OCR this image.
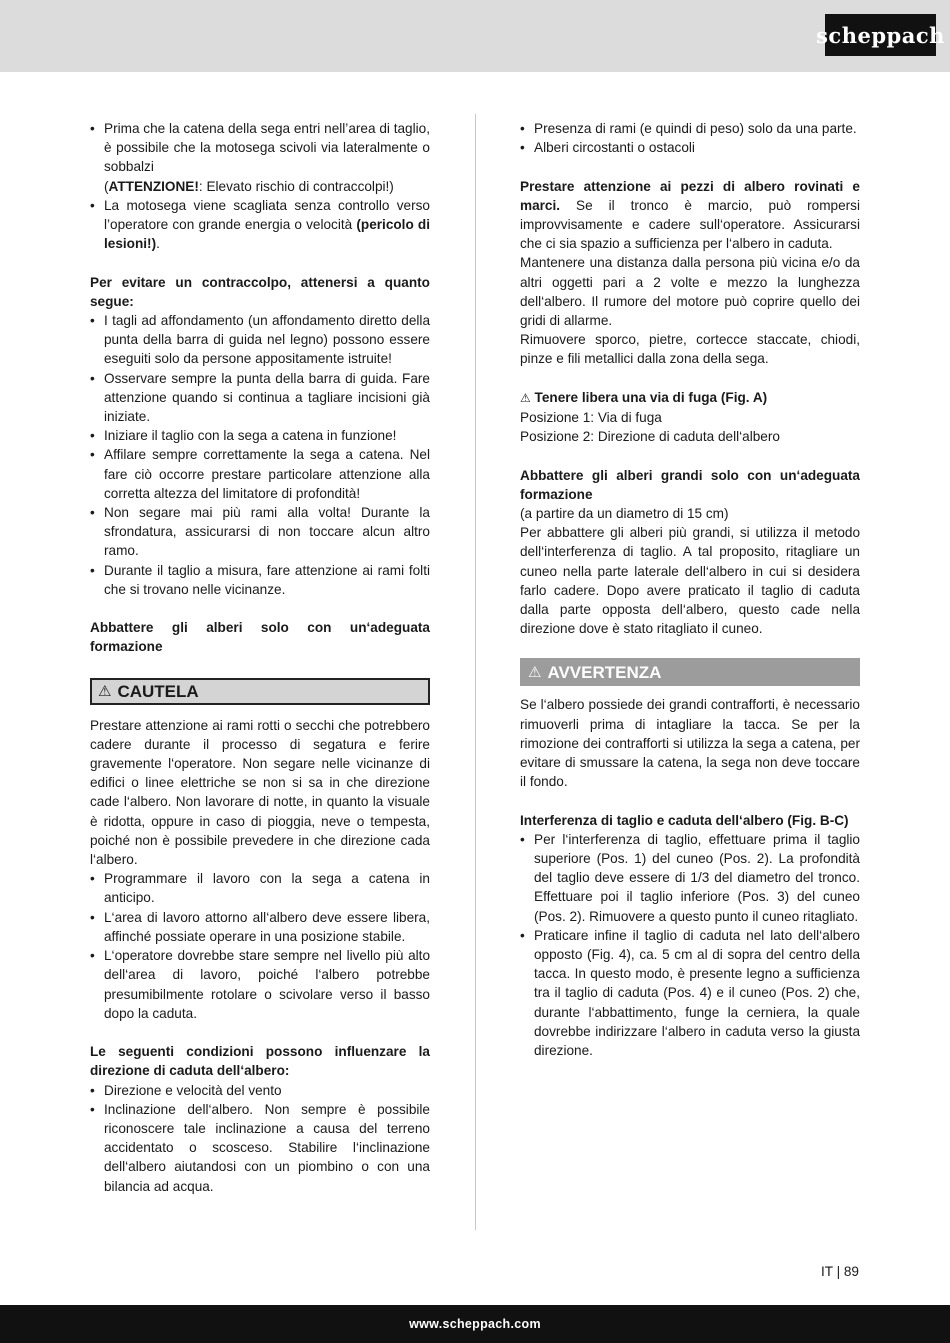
scheppach
• Prima che la catena della sega entri nell’area di taglio, è possibile che la motosega scivoli via lateralmente o sobbalzi
(ATTENZIONE!: Elevato rischio di contraccolpi!)
• La motosega viene scagliata senza controllo verso l’operatore con grande energia o velocità (pericolo di lesioni!).

Per evitare un contraccolpo, attenersi a quanto segue:

• I tagli ad affondamento (un affondamento diretto della punta della barra di guida nel legno) possono essere eseguiti solo da persone appositamente istruite!
• Osservare sempre la punta della barra di guida. Fare attenzione quando si continua a tagliare incisioni già iniziate.
• Iniziare il taglio con la sega a catena in funzione!
• Affilare sempre correttamente la sega a catena. Nel fare ciò occorre prestare particolare attenzione alla corretta altezza del limitatore di profondità!
• Non segare mai più rami alla volta! Durante la sfrondatura, assicurarsi di non toccare alcun altro ramo.
• Durante il taglio a misura, fare attenzione ai rami folti che si trovano nelle vicinanze.

Abbattere gli alberi solo con un‘adeguata formazione

⚠ CAUTELA

Prestare attenzione ai rami rotti o secchi che potrebbero cadere durante il processo di segatura e ferire gravemente l‘operatore. Non segare nelle vicinanze di edifici o linee elettriche se non si sa in che direzione cade l‘albero. Non lavorare di notte, in quanto la visuale è ridotta, oppure in caso di pioggia, neve o tempesta, poiché non è possibile prevedere in che direzione cada l‘albero.

• Programmare il lavoro con la sega a catena in anticipo.
• L‘area di lavoro attorno all‘albero deve essere libera, affinché possiate operare in una posizione stabile.
• L‘operatore dovrebbe stare sempre nel livello più alto dell‘area di lavoro, poiché l‘albero potrebbe presumibilmente rotolare o scivolare verso il basso dopo la caduta.

Le seguenti condizioni possono influenzare la direzione di caduta dell‘albero:

• Direzione e velocità del vento
• Inclinazione dell‘albero. Non sempre è possibile riconoscere tale inclinazione a causa del terreno accidentato o scosceso. Stabilire l‘inclinazione dell‘albero aiutandosi con un piombino o con una bilancia ad acqua.
• Presenza di rami (e quindi di peso) solo da una parte.
• Alberi circostanti o ostacoli

Prestare attenzione ai pezzi di albero rovinati e marci. Se il tronco è marcio, può rompersi improvvisamente e cadere sull‘operatore. Assicurarsi che ci sia spazio a sufficienza per l‘albero in caduta.

Mantenere una distanza dalla persona più vicina e/o da altri oggetti pari a 2 volte e mezzo la lunghezza dell‘albero. Il rumore del motore può coprire quello dei gridi di allarme.

Rimuovere sporco, pietre, cortecce staccate, chiodi, pinze e fili metallici dalla zona della sega.

⚠ Tenere libera una via di fuga (Fig. A)

Posizione 1: Via di fuga

Posizione 2: Direzione di caduta dell‘albero

Abbattere gli alberi grandi solo con un‘adeguata formazione

(a partire da un diametro di 15 cm)

Per abbattere gli alberi più grandi, si utilizza il metodo dell‘interferenza di taglio. A tal proposito, ritagliare un cuneo nella parte laterale dell‘albero in cui si desidera farlo cadere. Dopo avere praticato il taglio di caduta dalla parte opposta dell‘albero, questo cade nella direzione dove è stato ritagliato il cuneo.

⚠ AVVERTENZA

Se l‘albero possiede dei grandi contrafforti, è necessario rimuoverli prima di intagliare la tacca. Se per la rimozione dei contrafforti si utilizza la sega a catena, per evitare di smussare la catena, la sega non deve toccare il fondo.

Interferenza di taglio e caduta dell‘albero (Fig. B-C)

• Per l‘interferenza di taglio, effettuare prima il taglio superiore (Pos. 1) del cuneo (Pos. 2). La profondità del taglio deve essere di 1/3 del diametro del tronco. Effettuare poi il taglio inferiore (Pos. 3) del cuneo (Pos. 2). Rimuovere a questo punto il cuneo ritagliato.
• Praticare infine il taglio di caduta nel lato dell‘albero opposto (Fig. 4), ca. 5 cm al di sopra del centro della tacca. In questo modo, è presente legno a sufficienza tra il taglio di caduta (Pos. 4) e il cuneo (Pos. 2) che, durante l‘abbattimento, funge la cerniera, la quale dovrebbe indirizzare l‘albero in caduta verso la giusta direzione.
IT | 89
www.scheppach.com
